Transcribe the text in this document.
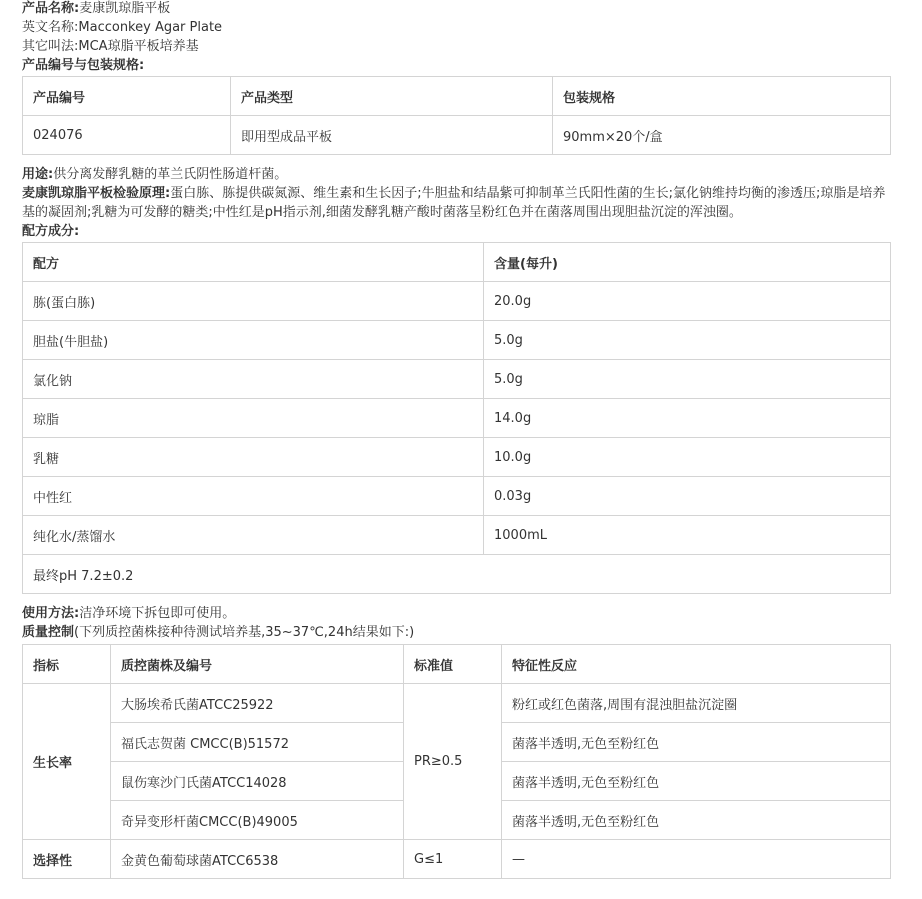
产品名称:麦康凯琼脂平板
英文名称:Macconkey Agar Plate
其它叫法:MCA琼脂平板培养基
产品编号与包装规格:
产品编号	产品类型	包装规格
024076	即用型成品平板	90mm×20个/盒
用途:供分离发酵乳糖的革兰氏阴性肠道杆菌。
麦康凯琼脂平板检验原理:蛋白胨、胨提供碳氮源、维生素和生长因子;牛胆盐和结晶紫可抑制革兰氏阳性菌的生长;氯化钠维持均衡的渗透压;琼脂是培养基的凝固剂;乳糖为可发酵的糖类;中性红是pH指示剂,细菌发酵乳糖产酸时菌落呈粉红色并在菌落周围出现胆盐沉淀的浑浊圈。
配方成分:
配方	含量(每升)
胨(蛋白胨)	20.0g
胆盐(牛胆盐)	5.0g
氯化钠	5.0g
琼脂	14.0g
乳糖	10.0g
中性红	0.03g
纯化水/蒸馏水	1000mL
最终pH 7.2±0.2	
使用方法:洁净环境下拆包即可使用。
质量控制(下列质控菌株接种待测试培养基,35~37℃,24h结果如下:)
指标	质控菌株及编号	标准值	特征性反应
生长率	大肠埃希氏菌ATCC25922	PR≥0.5	粉红或红色菌落,周围有混浊胆盐沉淀圈
	福氏志贺菌 CMCC(B)51572		菌落半透明,无色至粉红色
	鼠伤寒沙门氏菌ATCC14028		菌落半透明,无色至粉红色
	奇异变形杆菌CMCC(B)49005		菌落半透明,无色至粉红色
选择性	金黄色葡萄球菌ATCC6538	G≤1	—
